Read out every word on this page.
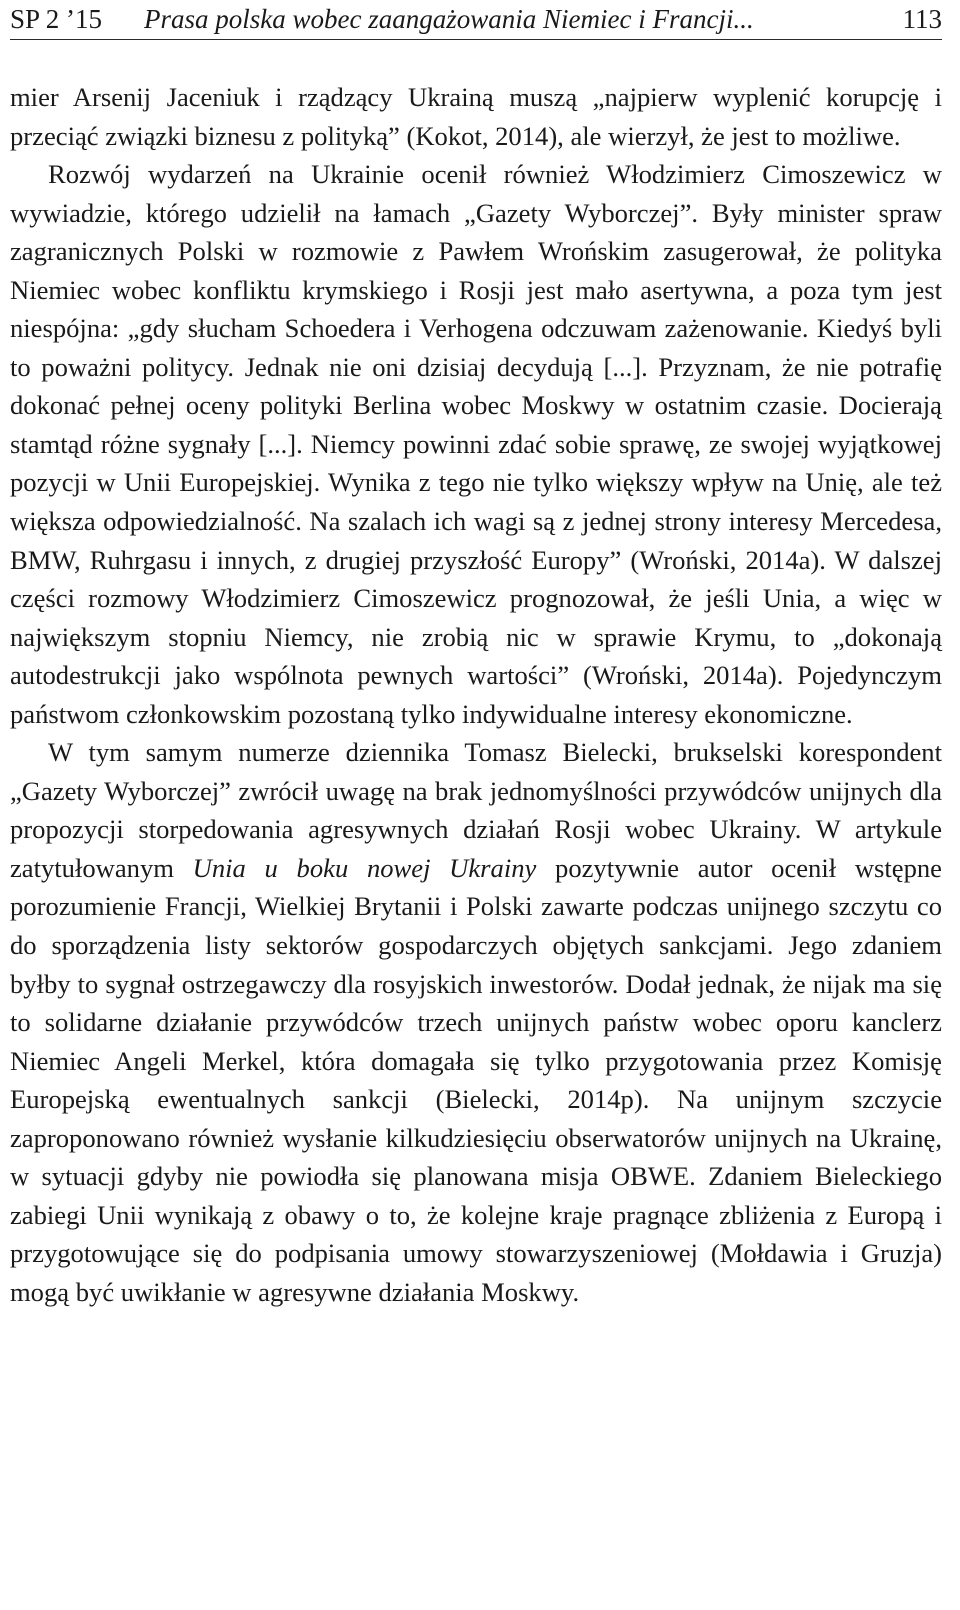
SP 2 ’15 Prasa polska wobec zaangażowania Niemiec i Francji...	113

mier Arsenij Jaceniuk i rządzący Ukrainą muszą „najpierw wyplenić korupcję i przeciąć związki biznesu z polityką” (Kokot, 2014), ale wierzył, że jest to możliwe.

Rozwój wydarzeń na Ukrainie ocenił również Włodzimierz Cimoszewicz w wywiadzie, którego udzielił na łamach „Gazety Wyborczej”. Były minister spraw zagranicznych Polski w rozmowie z Pawłem Wrońskim zasugerował, że polityka Niemiec wobec konfliktu krymskiego i Rosji jest mało asertywna, a poza tym jest niespójna: „gdy słucham Schoedera i Verhogena odczuwam zażenowanie. Kiedyś byli to poważni politycy. Jednak nie oni dzisiaj decydują [...]. Przyznam, że nie potrafię dokonać pełnej oceny polityki Berlina wobec Moskwy w ostatnim czasie. Docierają stamtąd różne sygnały [...]. Niemcy powinni zdać sobie sprawę, ze swojej wyjątkowej pozycji w Unii Europejskiej. Wynika z tego nie tylko większy wpływ na Unię, ale też większa odpowiedzialność. Na szalach ich wagi są z jednej strony interesy Mercedesa, BMW, Ruhrgasu i innych, z drugiej przyszłość Europy” (Wroński, 2014a). W dalszej części rozmowy Włodzimierz Cimoszewicz prognozował, że jeśli Unia, a więc w największym stopniu Niemcy, nie zrobią nic w sprawie Krymu, to „dokonają autodestrukcji jako wspólnota pewnych wartości” (Wroński, 2014a). Pojedynczym państwom członkowskim pozostaną tylko indywidualne interesy ekonomiczne.

W tym samym numerze dziennika Tomasz Bielecki, brukselski korespondent „Gazety Wyborczej” zwrócił uwagę na brak jednomyślności przywódców unijnych dla propozycji storpedowania agresywnych działań Rosji wobec Ukrainy. W artykule zatytułowanym Unia u boku nowej Ukrainy pozytywnie autor ocenił wstępne porozumienie Francji, Wielkiej Brytanii i Polski zawarte podczas unijnego szczytu co do sporządzenia listy sektorów gospodarczych objętych sankcjami. Jego zdaniem byłby to sygnał ostrzegawczy dla rosyjskich inwestorów. Dodał jednak, że nijak ma się to solidarne działanie przywódców trzech unijnych państw wobec oporu kanclerz Niemiec Angeli Merkel, która domagała się tylko przygotowania przez Komisję Europejską ewentualnych sankcji (Bielecki, 2014p). Na unijnym szczycie zaproponowano również wysłanie kilkudziesięciu obserwatorów unijnych na Ukrainę, w sytuacji gdyby nie powiodła się planowana misja OBWE. Zdaniem Bieleckiego zabiegi Unii wynikają z obawy o to, że kolejne kraje pragnące zbliżenia z Europą i przygotowujące się do podpisania umowy stowarzyszeniowej (Mołdawia i Gruzja) mogą być uwikłanie w agresywne działania Moskwy.
